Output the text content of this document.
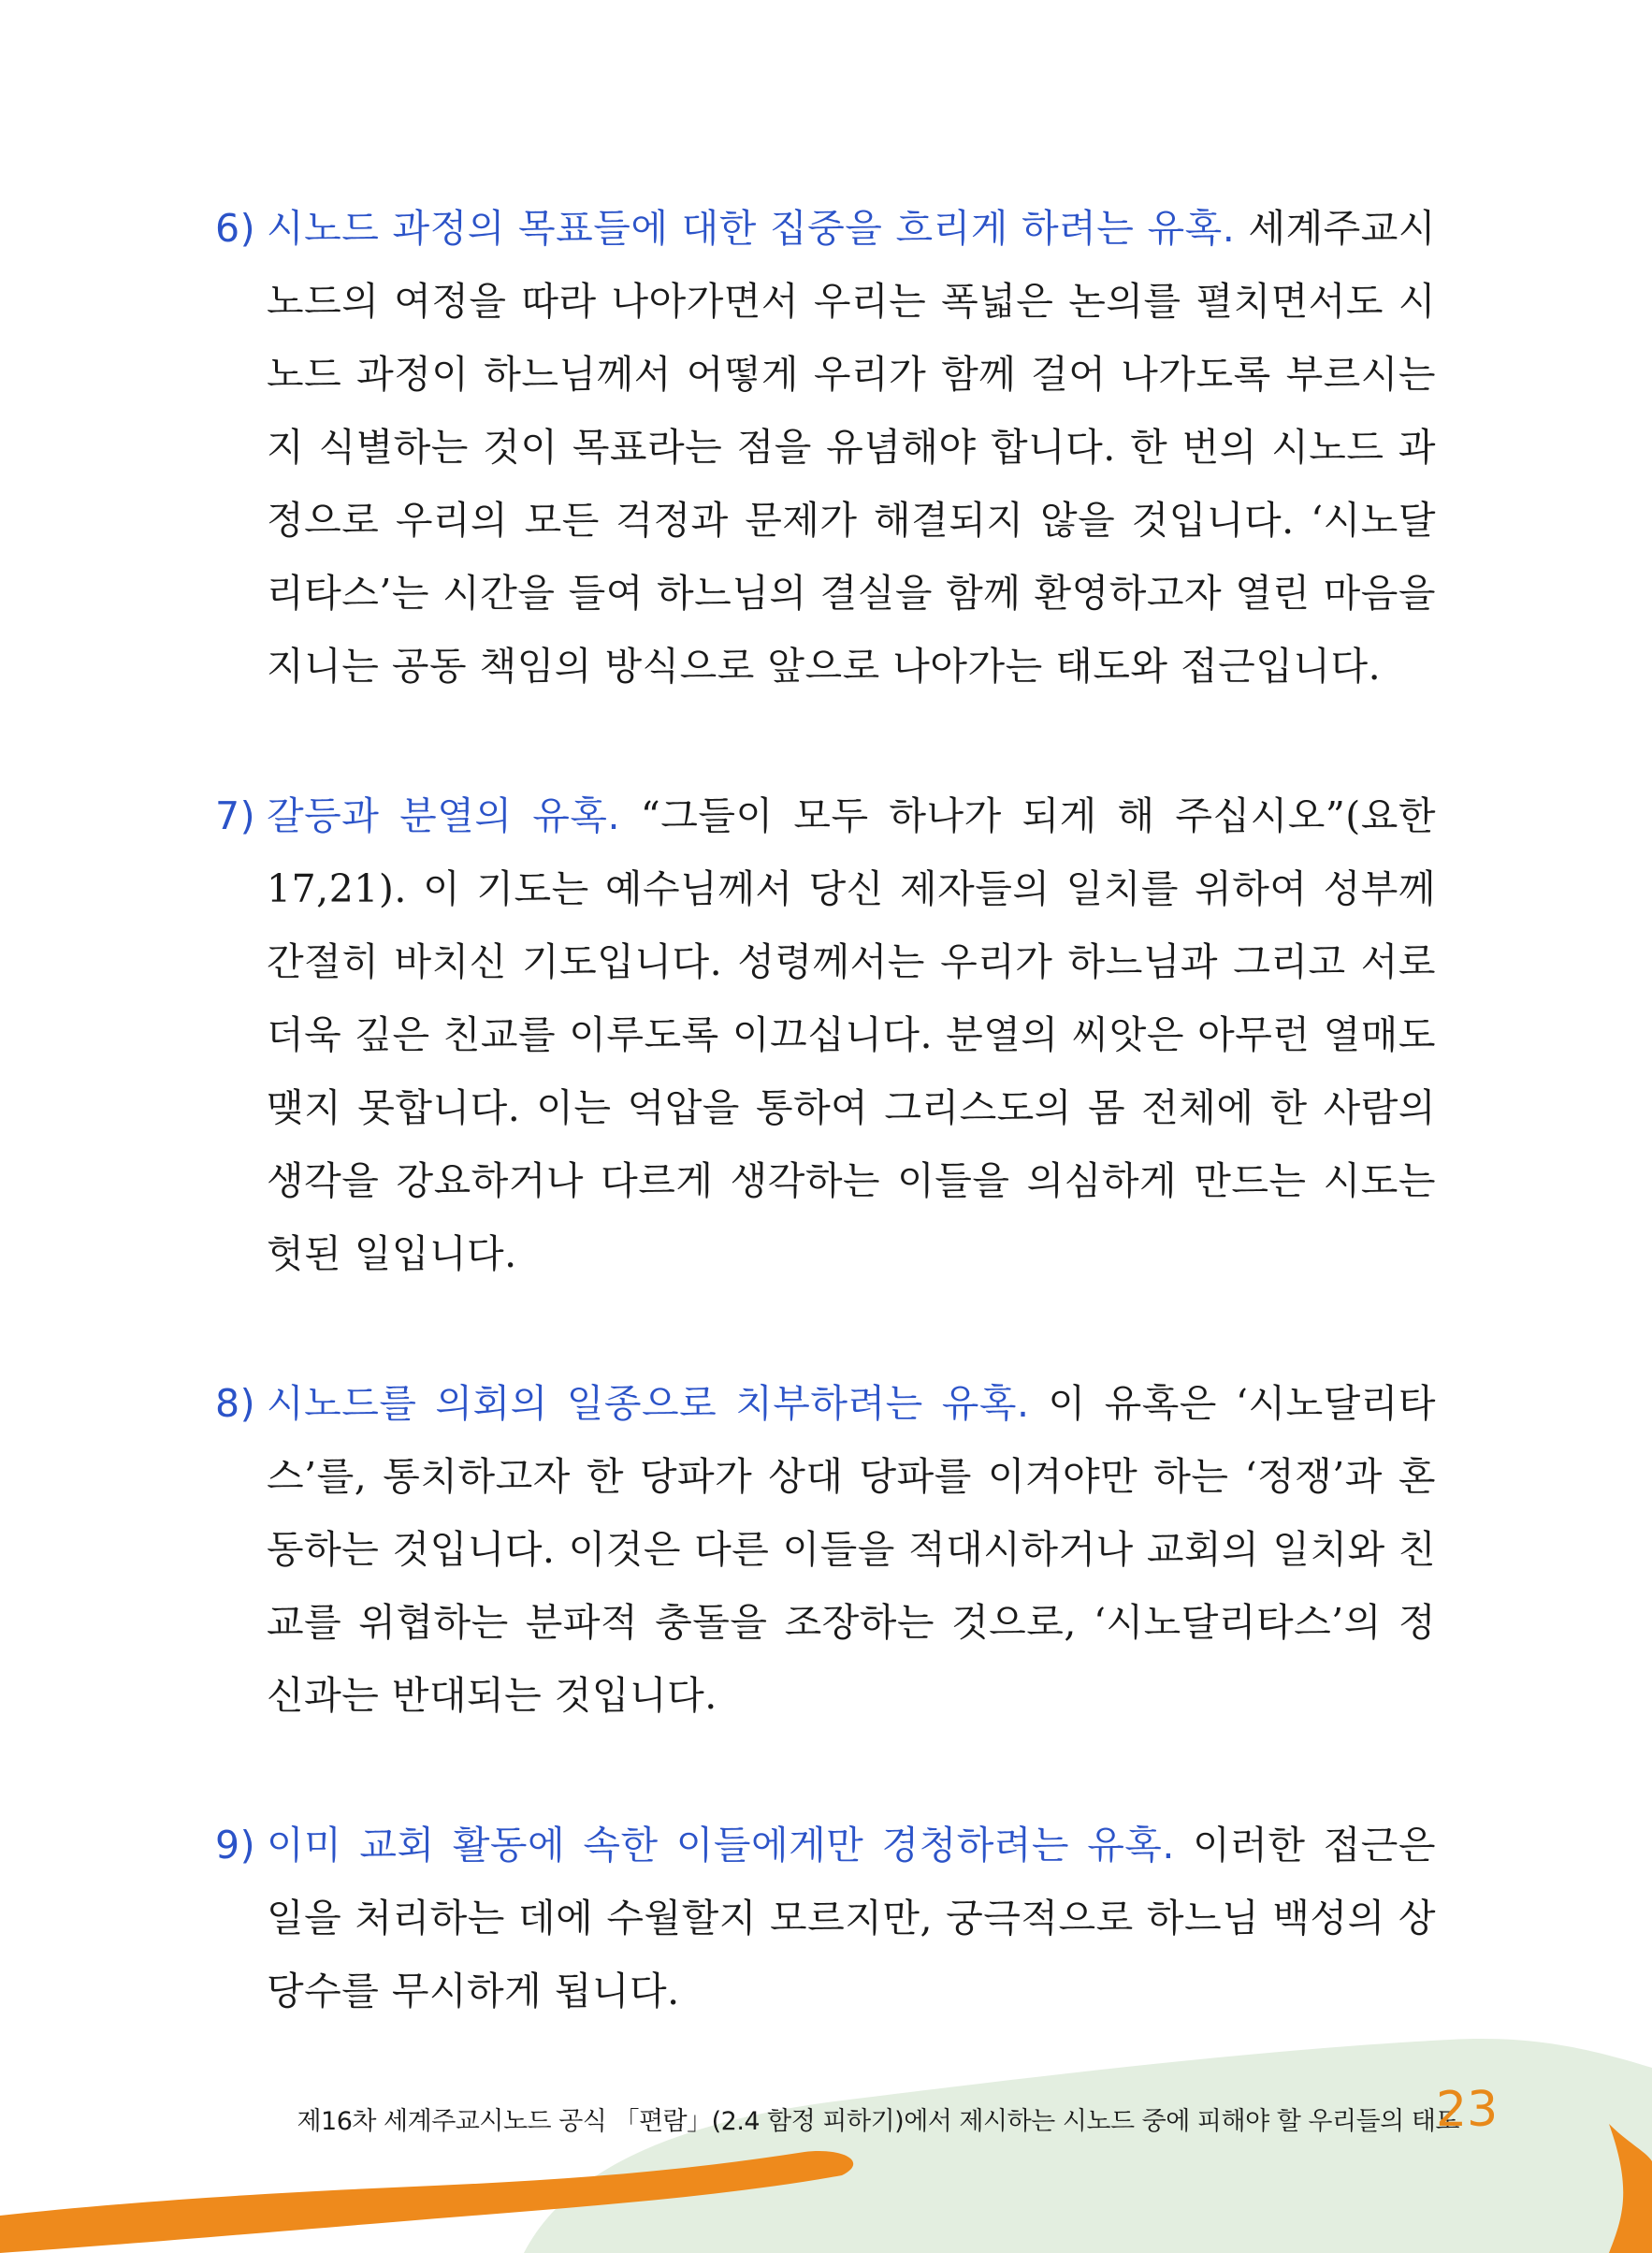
6) 시노드 과정의 목표들에 대한 집중을 흐리게 하려는 유혹. 세계주교시노드의 여정을 따라 나아가면서 우리는 폭넓은 논의를 펼치면서도 시노드 과정이 하느님께서 어떻게 우리가 함께 걸어 나가도록 부르시는지 식별하는 것이 목표라는 점을 유념해야 합니다. 한 번의 시노드 과정으로 우리의 모든 걱정과 문제가 해결되지 않을 것입니다. ‘시노달리타스’는 시간을 들여 하느님의 결실을 함께 환영하고자 열린 마음을 지니는 공동 책임의 방식으로 앞으로 나아가는 태도와 접근입니다.
7) 갈등과 분열의 유혹. “그들이 모두 하나가 되게 해 주십시오”(요한 17,21). 이 기도는 예수님께서 당신 제자들의 일치를 위하여 성부께 간절히 바치신 기도입니다. 성령께서는 우리가 하느님과 그리고 서로 더욱 깊은 친교를 이루도록 이끄십니다. 분열의 씨앗은 아무런 열매도 맺지 못합니다. 이는 억압을 통하여 그리스도의 몸 전체에 한 사람의 생각을 강요하거나 다르게 생각하는 이들을 의심하게 만드는 시도는 헛된 일입니다.
8) 시노드를 의회의 일종으로 치부하려는 유혹. 이 유혹은 ‘시노달리타스’를, 통치하고자 한 당파가 상대 당파를 이겨야만 하는 ‘정쟁’과 혼동하는 것입니다. 이것은 다른 이들을 적대시하거나 교회의 일치와 친교를 위협하는 분파적 충돌을 조장하는 것으로, ‘시노달리타스’의 정신과는 반대되는 것입니다.
9) 이미 교회 활동에 속한 이들에게만 경청하려는 유혹. 이러한 접근은 일을 처리하는 데에 수월할지 모르지만, 궁극적으로 하느님 백성의 상당수를 무시하게 됩니다.
제16차 세계주교시노드 공식 「편람」(2.4 함정 피하기)에서 제시하는 시노드 중에 피해야 할 우리들의 태도
23
